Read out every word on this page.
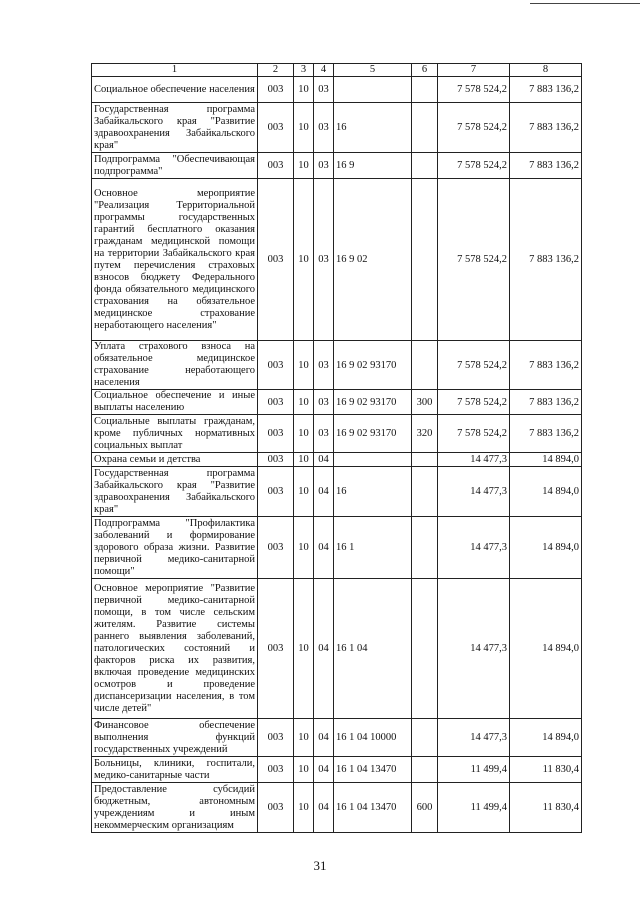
1	2	3	4	5	6	7	8
Социальное обеспечение населения	003	10	03			7 578 524,2	7 883 136,2
Государственная программа Забайкальского края "Развитие здравоохранения Забайкальского края"	003	10	03	16		7 578 524,2	7 883 136,2
Подпрограмма "Обеспечивающая подпрограмма"	003	10	03	16 9		7 578 524,2	7 883 136,2
Основное мероприятие "Реализация Территориальной программы государственных гарантий бесплатного оказания гражданам медицинской помощи на территории Забайкальского края путем перечисления страховых взносов бюджету Федерального фонда обязательного медицинского страхования на обязательное медицинское страхование неработающего населения"	003	10	03	16 9 02		7 578 524,2	7 883 136,2
Уплата страхового взноса на обязательное медицинское страхование неработающего населения	003	10	03	16 9 02 93170		7 578 524,2	7 883 136,2
Социальное обеспечение и иные выплаты населению	003	10	03	16 9 02 93170	300	7 578 524,2	7 883 136,2
Социальные выплаты гражданам, кроме публичных нормативных социальных выплат	003	10	03	16 9 02 93170	320	7 578 524,2	7 883 136,2
Охрана семьи и детства	003	10	04			14 477,3	14 894,0
Государственная программа Забайкальского края "Развитие здравоохранения Забайкальского края"	003	10	04	16		14 477,3	14 894,0
Подпрограмма "Профилактика заболеваний и формирование здорового образа жизни. Развитие первичной медико-санитарной помощи"	003	10	04	16 1		14 477,3	14 894,0
Основное мероприятие "Развитие первичной медико-санитарной помощи, в том числе сельским жителям. Развитие системы раннего выявления заболеваний, патологических состояний и факторов риска их развития, включая проведение медицинских осмотров и проведение диспансеризации населения, в том числе детей"	003	10	04	16 1 04		14 477,3	14 894,0
Финансовое обеспечение выполнения функций государственных учреждений	003	10	04	16 1 04 10000		14 477,3	14 894,0
Больницы, клиники, госпитали, медико-санитарные части	003	10	04	16 1 04 13470		11 499,4	11 830,4
Предоставление субсидий бюджетным, автономным учреждениям и иным некоммерческим организациям	003	10	04	16 1 04 13470	600	11 499,4	11 830,4
31
